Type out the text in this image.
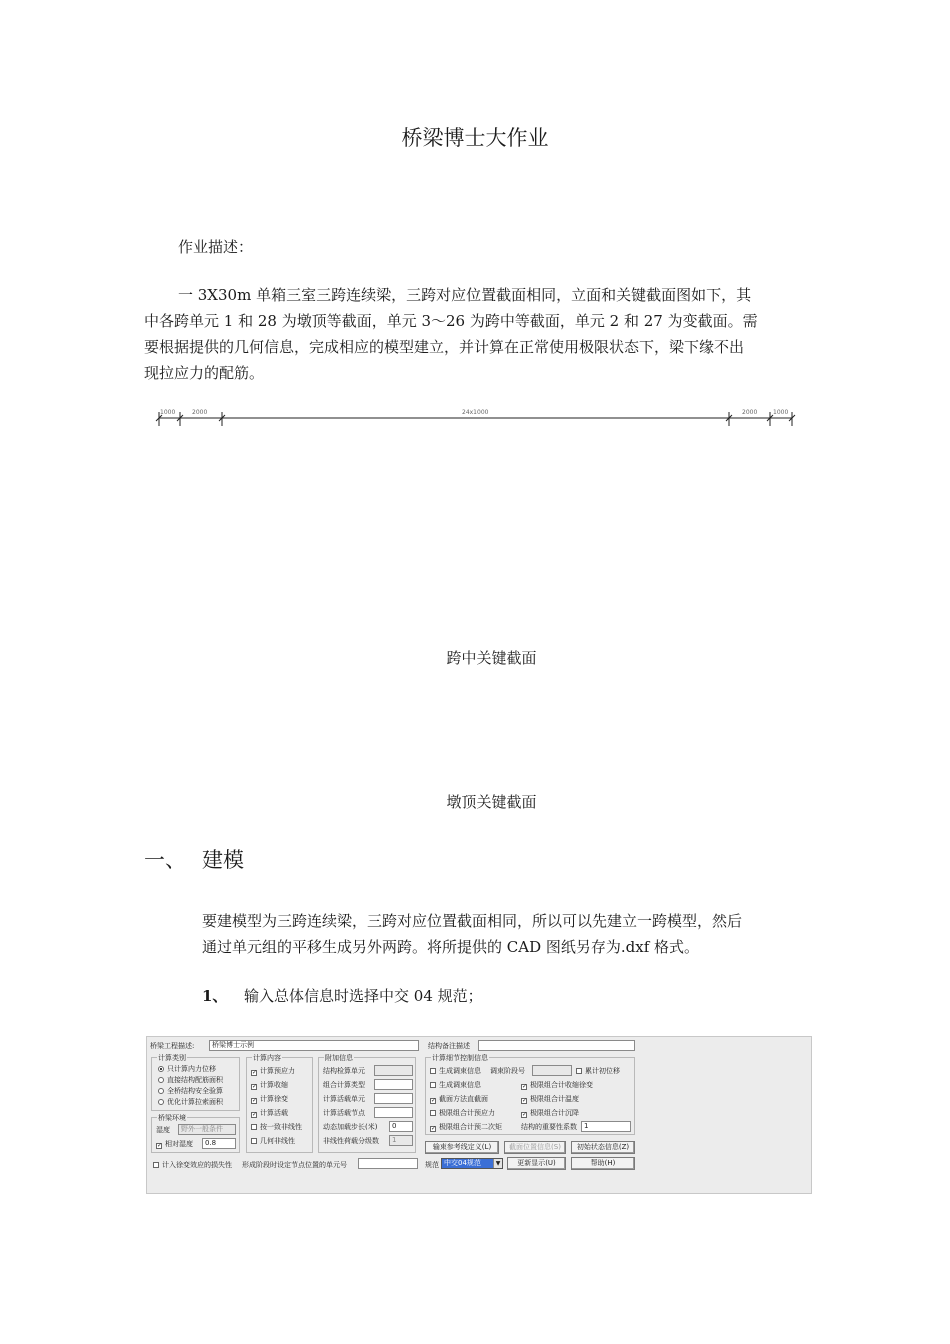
桥梁博士大作业
作业描述：
一 3X30m 单箱三室三跨连续梁，三跨对应位置截面相同，立面和关键截面图如下，其
中各跨单元 1 和 28 为墩顶等截面，单元 3～26 为跨中等截面，单元 2 和 27 为变截面。需
要根据提供的几何信息，完成相应的模型建立，并计算在正常使用极限状态下，梁下缘不出
现拉应力的配筋。
1000	2000	24x1000	2000	1000
跨中关键截面
墩顶关键截面
一、 建模
要建模型为三跨连续梁，三跨对应位置截面相同，所以可以先建立一跨模型，然后
通过单元组的平移生成另外两跨。将所提供的 CAD 图纸另存为.dxf 格式。
1、 输入总体信息时选择中交 04 规范；
桥梁工程描述:	桥梁博士示例	结构备注描述
计算类别
只计算内力位移
直接结构配筋面积
全桥结构安全验算
优化计算拉索面积
桥梁环境
湿度	野外一般条件
✓ 相对湿度	0.8
计入徐变效应的损失性
计算内容
✓ 计算预应力
✓ 计算收缩
✓ 计算徐变
✓ 计算活载
按一致非线性
几何非线性
附加信息
结构检算单元
组合计算类型
计算活载单元
计算活载节点
动态加载步长(米)	0
非线性荷载分级数	1
计算细节控制信息
生成调束信息 调束阶段号	累计初位移
生成调束信息	✓ 极限组合计收缩徐变
✓ 截面方法直截面	✓ 极限组合计温度
极限组合计预应力	✓ 极限组合计沉降
✓ 极限组合计预二次矩	结构的重要性系数	1
输束参考线定义(L)	截面位置信息(S)	初始状态信息(Z)
形成阶段时设定节点位置的单元号	规范 中交04规范	▼	更新显示(U)	帮助(H)
